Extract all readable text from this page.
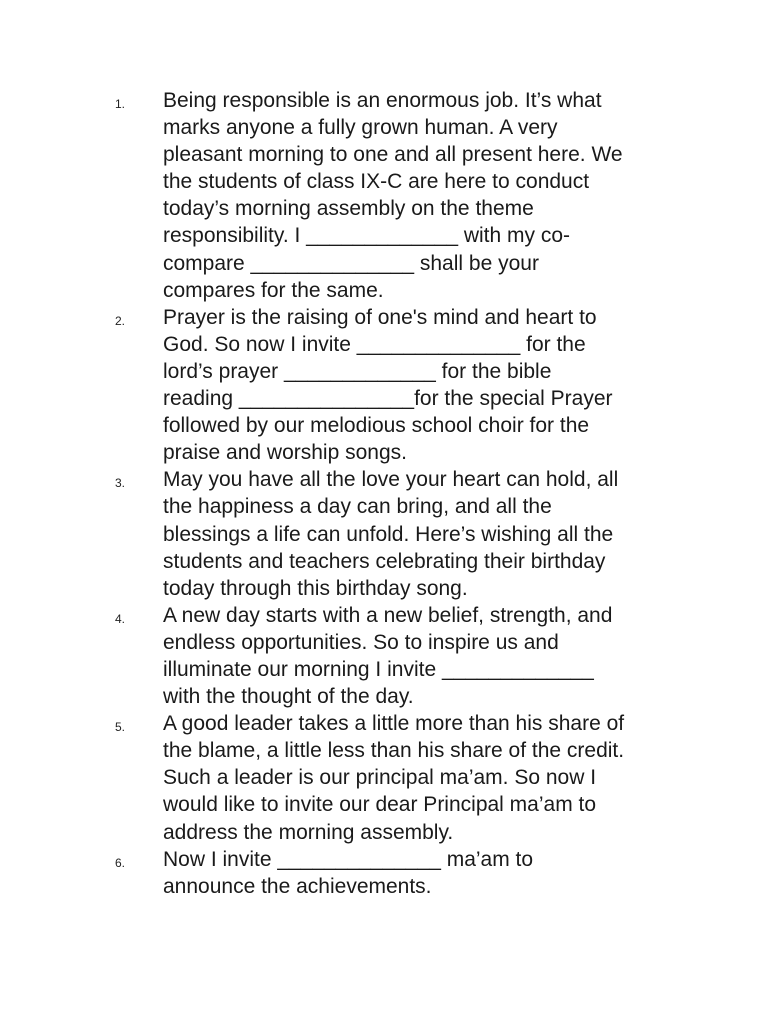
1. Being responsible is an enormous job. It’s what
marks anyone a fully grown human. A very
pleasant morning to one and all present here. We
the students of class IX-C are here to conduct
today’s morning assembly on the theme
responsibility. I _____________ with my co-
compare ______________ shall be your
compares for the same.
2. Prayer is the raising of one's mind and heart to
God. So now I invite ______________ for the
lord’s prayer _____________ for the bible
reading _______________for the special Prayer
followed by our melodious school choir for the
praise and worship songs.
3. May you have all the love your heart can hold, all
the happiness a day can bring, and all the
blessings a life can unfold. Here’s wishing all the
students and teachers celebrating their birthday
today through this birthday song.
4. A new day starts with a new belief, strength, and
endless opportunities. So to inspire us and
illuminate our morning I invite _____________
with the thought of the day.
5. A good leader takes a little more than his share of
the blame, a little less than his share of the credit.
Such a leader is our principal ma’am. So now I
would like to invite our dear Principal ma’am to
address the morning assembly.
6. Now I invite ______________ ma’am to
announce the achievements.
